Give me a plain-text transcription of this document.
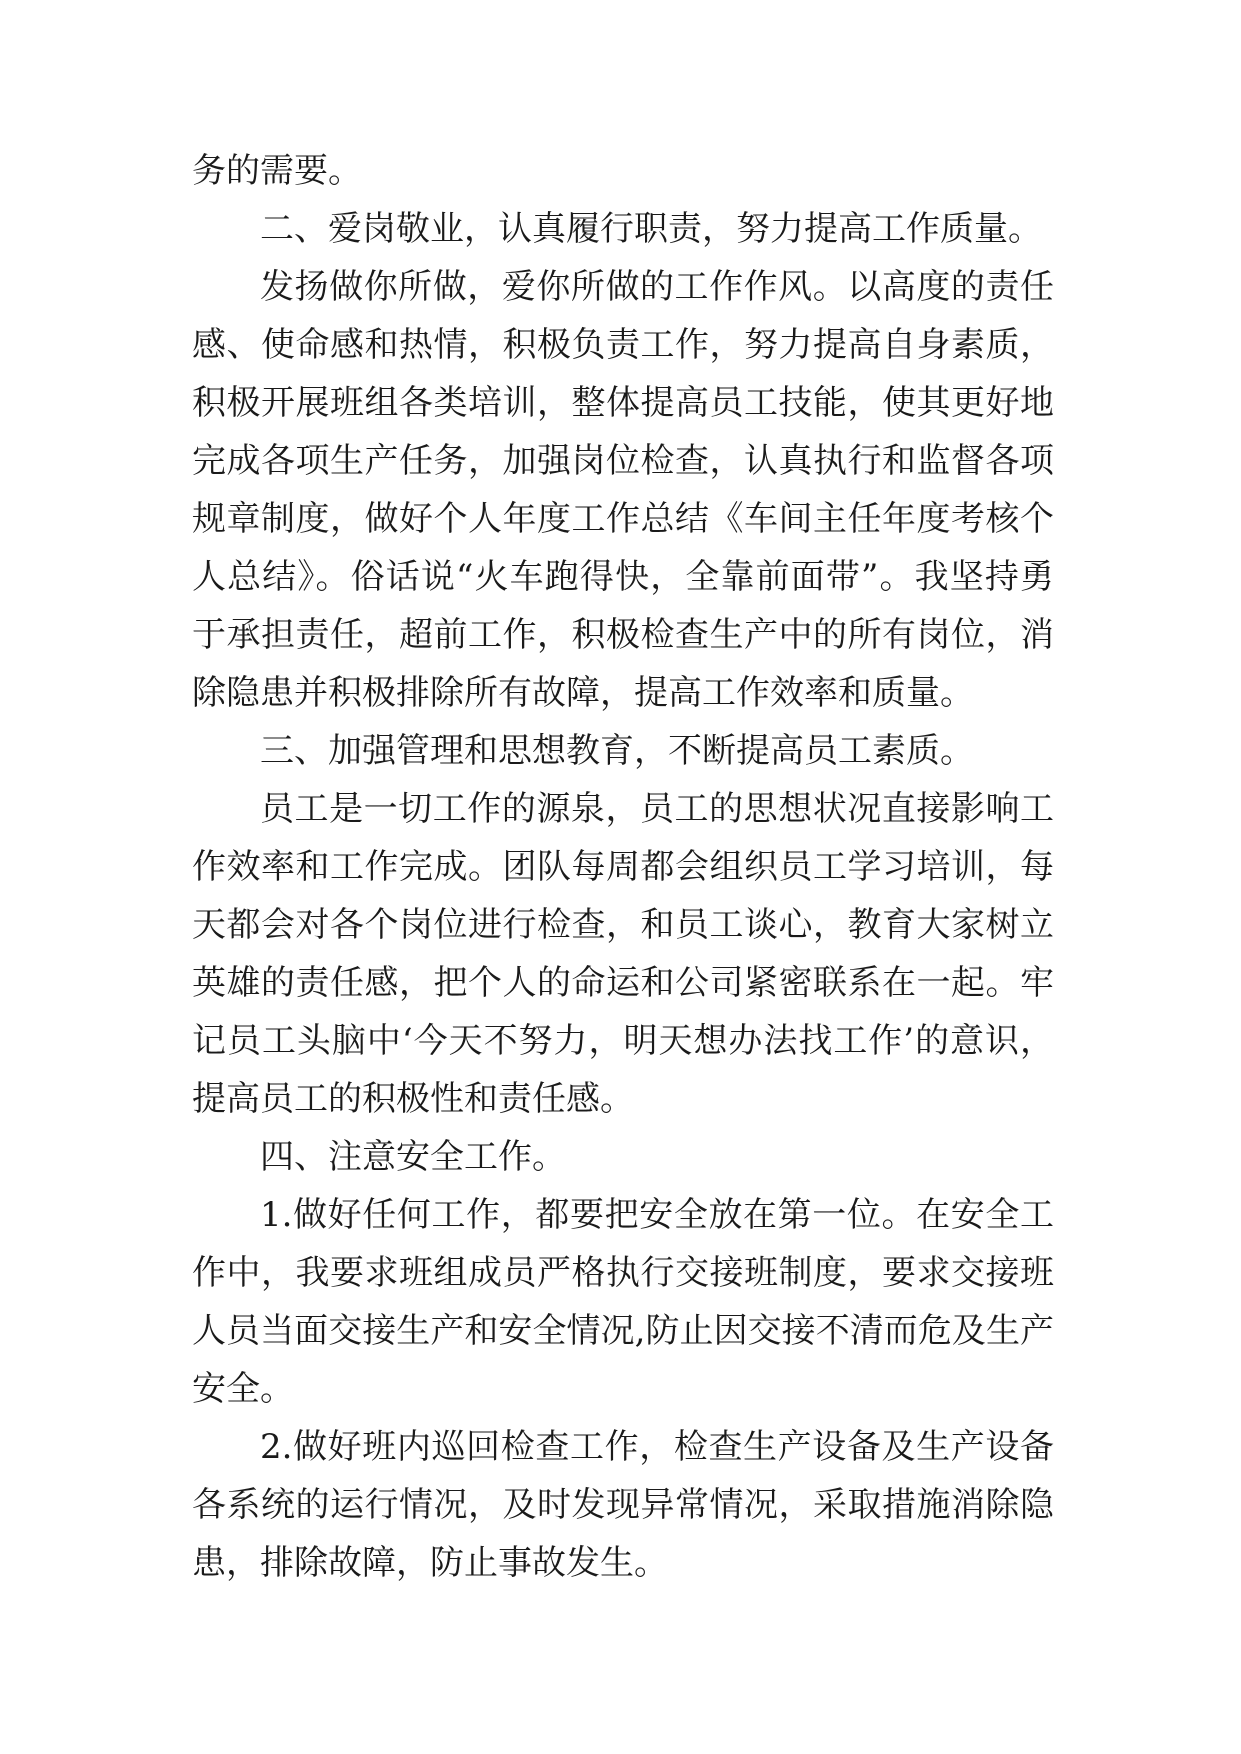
务的需要。

二、爱岗敬业，认真履行职责，努力提高工作质量。

发扬做你所做，爱你所做的工作作风。以高度的责任感、使命感和热情，积极负责工作，努力提高自身素质，积极开展班组各类培训，整体提高员工技能，使其更好地完成各项生产任务，加强岗位检查，认真执行和监督各项规章制度，做好个人年度工作总结《车间主任年度考核个人总结》。俗话说“火车跑得快，全靠前面带”。我坚持勇于承担责任，超前工作，积极检查生产中的所有岗位，消除隐患并积极排除所有故障，提高工作效率和质量。

三、加强管理和思想教育，不断提高员工素质。

员工是一切工作的源泉，员工的思想状况直接影响工作效率和工作完成。团队每周都会组织员工学习培训，每天都会对各个岗位进行检查，和员工谈心，教育大家树立英雄的责任感，把个人的命运和公司紧密联系在一起。牢记员工头脑中‘今天不努力，明天想办法找工作’的意识，提高员工的积极性和责任感。

四、注意安全工作。

1.做好任何工作，都要把安全放在第一位。在安全工作中，我要求班组成员严格执行交接班制度，要求交接班人员当面交接生产和安全情况,防止因交接不清而危及生产安全。

2.做好班内巡回检查工作，检查生产设备及生产设备各系统的运行情况，及时发现异常情况，采取措施消除隐患，排除故障，防止事故发生。
